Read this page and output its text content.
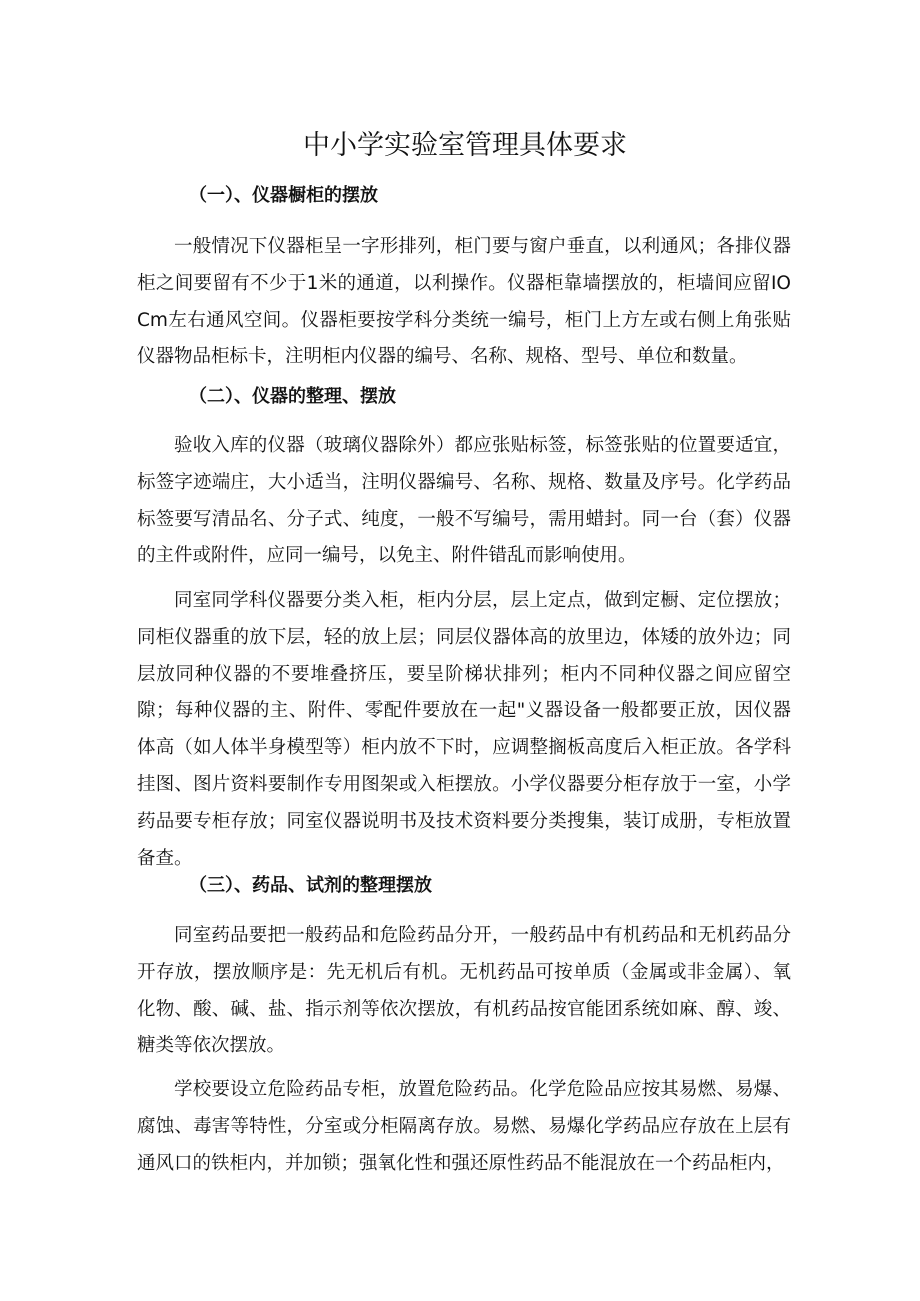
中小学实验室管理具体要求
（一）、仪器橱柜的摆放

一般情况下仪器柜呈一字形排列，柜门要与窗户垂直，以利通风；各排仪器柜之间要留有不少于1米的通道，以利操作。仪器柜靠墙摆放的，柜墙间应留IOCm左右通风空间。仪器柜要按学科分类统一编号，柜门上方左或右侧上角张贴仪器物品柜标卡，注明柜内仪器的编号、名称、规格、型号、单位和数量。

（二）、仪器的整理、摆放

验收入库的仪器（玻璃仪器除外）都应张贴标签，标签张贴的位置要适宜，标签字迹端庄，大小适当，注明仪器编号、名称、规格、数量及序号。化学药品标签要写清品名、分子式、纯度，一般不写编号，需用蜡封。同一台（套）仪器的主件或附件，应同一编号，以免主、附件错乱而影响使用。

同室同学科仪器要分类入柜，柜内分层，层上定点，做到定橱、定位摆放；同柜仪器重的放下层，轻的放上层；同层仪器体高的放里边，体矮的放外边；同层放同种仪器的不要堆叠挤压，要呈阶梯状排列；柜内不同种仪器之间应留空隙；每种仪器的主、附件、零配件要放在一起"义器设备一般都要正放，因仪器体高（如人体半身模型等）柜内放不下时，应调整搁板高度后入柜正放。各学科挂图、图片资料要制作专用图架或入柜摆放。小学仪器要分柜存放于一室，小学药品要专柜存放；同室仪器说明书及技术资料要分类搜集，装订成册，专柜放置备查。

（三）、药品、试剂的整理摆放

同室药品要把一般药品和危险药品分开，一般药品中有机药品和无机药品分开存放，摆放顺序是：先无机后有机。无机药品可按单质（金属或非金属）、氧化物、酸、碱、盐、指示剂等依次摆放，有机药品按官能团系统如麻、醇、竣、糖类等依次摆放。

学校要设立危险药品专柜，放置危险药品。化学危险品应按其易燃、易爆、腐蚀、毒害等特性，分室或分柜隔离存放。易燃、易爆化学药品应存放在上层有通风口的铁柜内，并加锁；强氧化性和强还原性药品不能混放在一个药品柜内，
